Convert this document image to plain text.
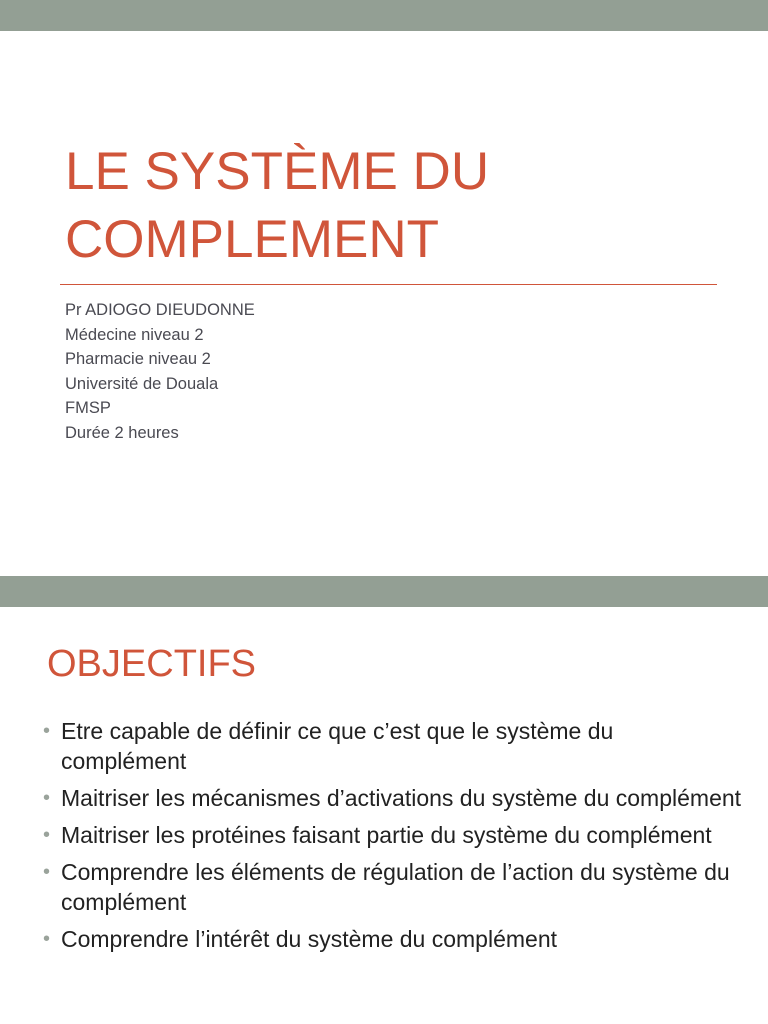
LE SYSTÈME DU
COMPLEMENT
Pr ADIOGO DIEUDONNE
Médecine niveau 2
Pharmacie niveau 2
Université de Douala
FMSP
Durée 2 heures
OBJECTIFS
• Etre capable de définir ce que c’est que le système du complément
• Maitriser les mécanismes d’activations du système du complément
• Maitriser les protéines faisant partie du système du complément
• Comprendre les éléments de régulation de l’action du système du complément
• Comprendre l’intérêt du système du complément
